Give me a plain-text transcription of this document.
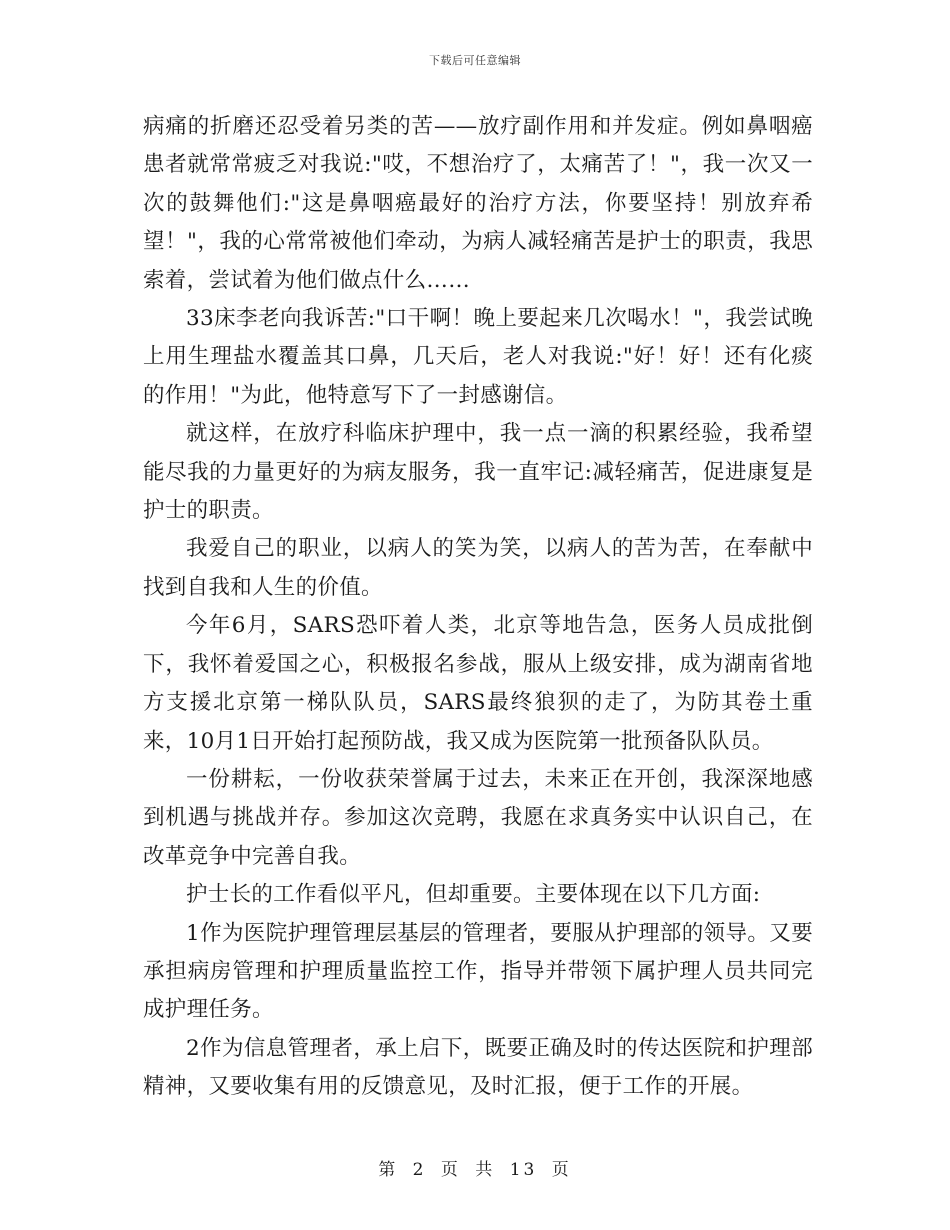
下载后可任意编辑

病痛的折磨还忍受着另类的苦——放疗副作用和并发症。例如鼻咽癌患者就常常疲乏对我说:"哎，不想治疗了，太痛苦了！"，我一次又一次的鼓舞他们:"这是鼻咽癌最好的治疗方法，你要坚持！别放弃希望！"，我的心常常被他们牵动，为病人减轻痛苦是护士的职责，我思索着，尝试着为他们做点什么……

33床李老向我诉苦:"口干啊！晚上要起来几次喝水！"，我尝试晚上用生理盐水覆盖其口鼻，几天后，老人对我说:"好！好！还有化痰的作用！"为此，他特意写下了一封感谢信。

就这样，在放疗科临床护理中，我一点一滴的积累经验，我希望能尽我的力量更好的为病友服务，我一直牢记:减轻痛苦，促进康复是护士的职责。

我爱自己的职业，以病人的笑为笑，以病人的苦为苦，在奉献中找到自我和人生的价值。

今年6月，SARS恐吓着人类，北京等地告急，医务人员成批倒下，我怀着爱国之心，积极报名参战，服从上级安排，成为湖南省地方支援北京第一梯队队员，SARS最终狼狈的走了，为防其卷土重来，10月1日开始打起预防战，我又成为医院第一批预备队队员。

一份耕耘，一份收获荣誉属于过去，未来正在开创，我深深地感到机遇与挑战并存。参加这次竞聘，我愿在求真务实中认识自己，在改革竞争中完善自我。

护士长的工作看似平凡，但却重要。主要体现在以下几方面:

1作为医院护理管理层基层的管理者，要服从护理部的领导。又要承担病房管理和护理质量监控工作，指导并带领下属护理人员共同完成护理任务。

2作为信息管理者，承上启下，既要正确及时的传达医院和护理部精神，又要收集有用的反馈意见，及时汇报，便于工作的开展。

第 2 页 共 13 页
